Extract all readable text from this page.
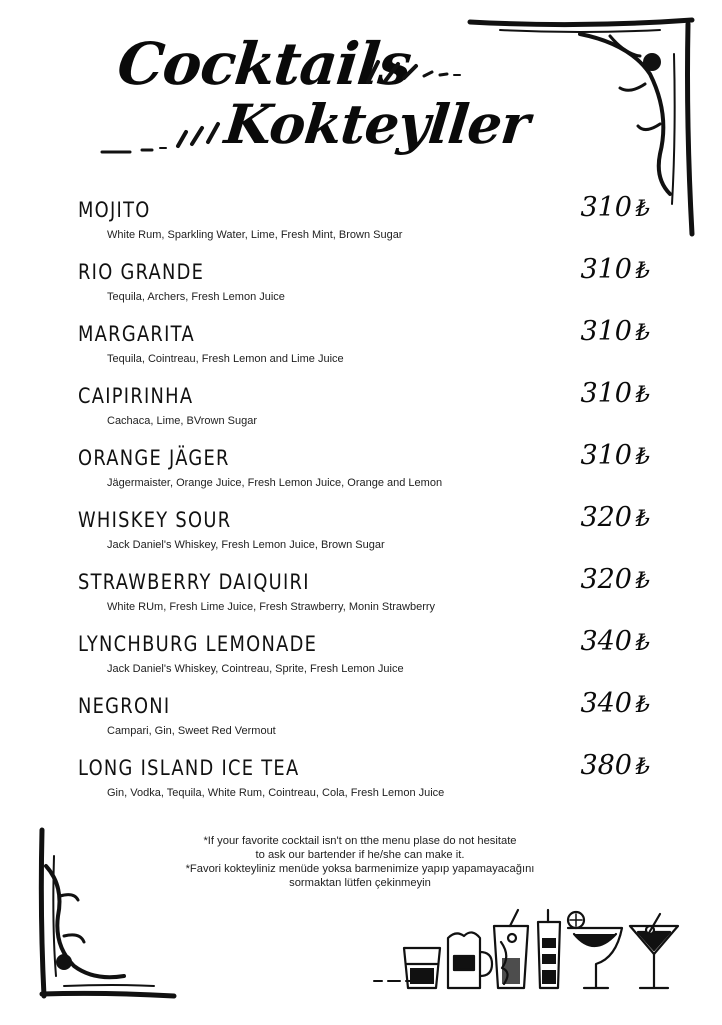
Cocktails
Kokteyller
MOJITO
White Rum, Sparkling Water, Lime, Fresh Mint, Brown Sugar
310 ₺
RIO GRANDE
Tequila, Archers, Fresh Lemon Juice
310 ₺
MARGARITA
Tequila, Cointreau, Fresh Lemon and Lime Juice
310 ₺
CAIPIRINHA
Cachaca, Lime, BVrown Sugar
310 ₺
ORANGE JÄGER
Jägermaister, Orange Juice, Fresh Lemon Juice, Orange and Lemon
310 ₺
WHISKEY SOUR
Jack Daniel's Whiskey, Fresh Lemon Juice, Brown Sugar
320 ₺
STRAWBERRY DAIQUIRI
White RUm, Fresh Lime Juice, Fresh Strawberry, Monin Strawberry
320 ₺
LYNCHBURG LEMONADE
Jack Daniel's Whiskey, Cointreau, Sprite, Fresh Lemon Juice
340 ₺
NEGRONI
Campari, Gin, Sweet Red Vermout
340 ₺
LONG ISLAND ICE TEA
Gin, Vodka, Tequila, White Rum, Cointreau, Cola, Fresh Lemon Juice
380 ₺
*If your favorite cocktail isn't on tthe menu plase do not hesitate
to ask our bartender if he/she can make it.
*Favori kokteyliniz menüde yoksa barmenimize yapıp yapamayacağını
sormaktan lütfen çekinmeyin
